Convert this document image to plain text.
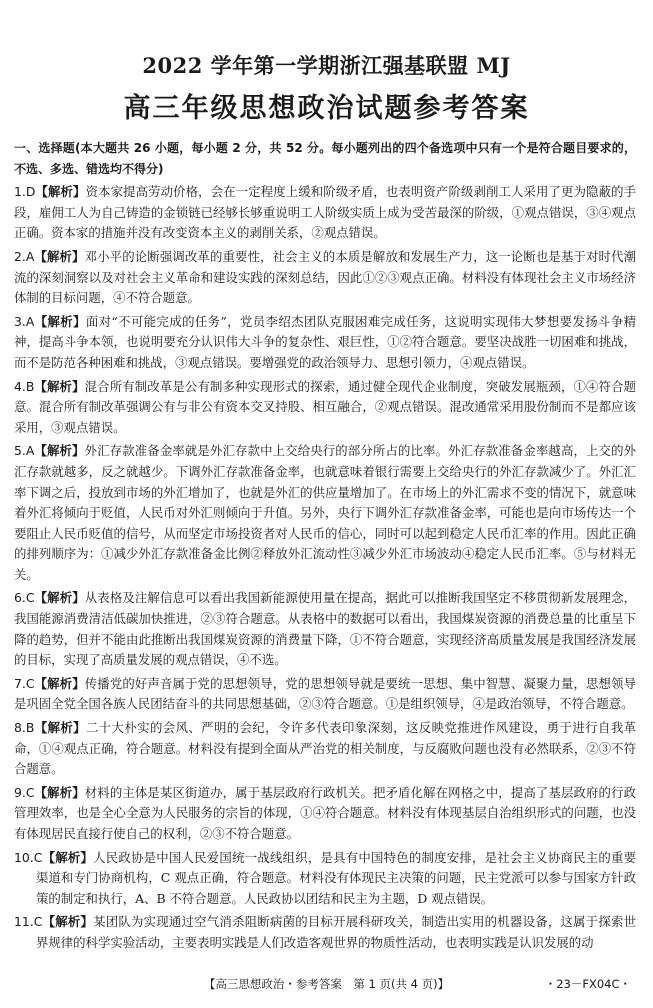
2022 学年第一学期浙江强基联盟 MJ
高三年级思想政治试题参考答案
一、选择题(本大题共 26 小题，每小题 2 分，共 52 分。每小题列出的四个备选项中只有一个是符合题目要求的，不选、多选、错选均不得分)
1.D【解析】资本家提高劳动价格，会在一定程度上缓和阶级矛盾，也表明资产阶级剥削工人采用了更为隐蔽的手段，雇佣工人为自己铸造的金锁链已经够长够重说明工人阶级实质上成为受苦最深的阶级，①观点错误，③④观点正确。资本家的措施并没有改变资本主义的剥削关系，②观点错误。
2.A【解析】邓小平的论断强调改革的重要性，社会主义的本质是解放和发展生产力，这一论断也是基于对时代潮流的深刻洞察以及对社会主义革命和建设实践的深刻总结，因此①②③观点正确。材料没有体现社会主义市场经济体制的目标问题，④不符合题意。
3.A【解析】面对“不可能完成的任务”，党员李绍杰团队克服困难完成任务，这说明实现伟大梦想要发扬斗争精神，提高斗争本领，也说明要充分认识伟大斗争的复杂性、艰巨性，①②符合题意。要坚决战胜一切困难和挑战，而不是防范各种困难和挑战，③观点错误。要增强党的政治领导力、思想引领力，④观点错误。
4.B【解析】混合所有制改革是公有制多种实现形式的探索，通过健全现代企业制度，突破发展瓶颈，①④符合题意。混合所有制改革强调公有与非公有资本交叉持股、相互融合，②观点错误。混改通常采用股份制而不是都应该采用，③观点错误。
5.A【解析】外汇存款准备金率就是外汇存款中上交给央行的部分所占的比率。外汇存款准备金率越高，上交的外汇存款就越多，反之就越少。下调外汇存款准备金率，也就意味着银行需要上交给央行的外汇存款减少了。外汇汇率下调之后，投放到市场的外汇增加了，也就是外汇的供应量增加了。在市场上的外汇需求不变的情况下，就意味着外汇将倾向于贬值，人民币对外汇则倾向于升值。另外，央行下调外汇存款准备金率，可能也是向市场传达一个要阻止人民币贬值的信号，从而坚定市场投资者对人民币的信心，同时可以起到稳定人民币汇率的作用。因此正确的排列顺序为：①减少外汇存款准备金比例②释放外汇流动性③减少外汇市场波动④稳定人民币汇率。⑤与材料无关。
6.C【解析】从表格及注解信息可以看出我国新能源使用量在提高，据此可以推断我国坚定不移贯彻新发展理念，我国能源消费清洁低碳加快推进，②③符合题意。从表格中的数据可以看出，我国煤炭资源的消费总量的比重呈下降的趋势，但并不能由此推断出我国煤炭资源的消费量下降，①不符合题意，实现经济高质量发展是我国经济发展的目标，实现了高质量发展的观点错误，④不选。
7.C【解析】传播党的好声音属于党的思想领导，党的思想领导就是要统一思想、集中智慧、凝聚力量，思想领导是巩固全党全国各族人民团结奋斗的共同思想基础，②③符合题意。①是组织领导，④是政治领导，不符合题意。
8.B【解析】二十大朴实的会风、严明的会纪，令许多代表印象深刻，这反映党推进作风建设，勇于进行自我革命，①④观点正确，符合题意。材料没有提到全面从严治党的相关制度，与反腐败问题也没有必然联系，②③不符合题意。
9.C【解析】材料的主体是某区街道办，属于基层政府行政机关。把矛盾化解在网格之中，提高了基层政府的行政管理效率，也是全心全意为人民服务的宗旨的体现，①④符合题意。材料没有体现基层自治组织形式的问题，也没有体现居民直接行使自己的权利，②③不符合题意。
10.C【解析】人民政协是中国人民爱国统一战线组织，是具有中国特色的制度安排，是社会主义协商民主的重要渠道和专门协商机构，C 观点正确，符合题意。材料没有体现民主决策的问题，民主党派可以参与国家方针政策的制定和执行，A、B 不符合题意。人民政协以团结和民主为主题，D 观点错误。
11.C【解析】某团队为实现通过空气消杀阻断病菌的目标开展科研攻关，制造出实用的机器设备，这属于探索世界规律的科学实验活动，主要表明实践是人们改造客观世界的物质性活动，也表明实践是认识发展的动
【高三思想政治・参考答案　第 1 页(共 4 页)】	・23－FX04C・
